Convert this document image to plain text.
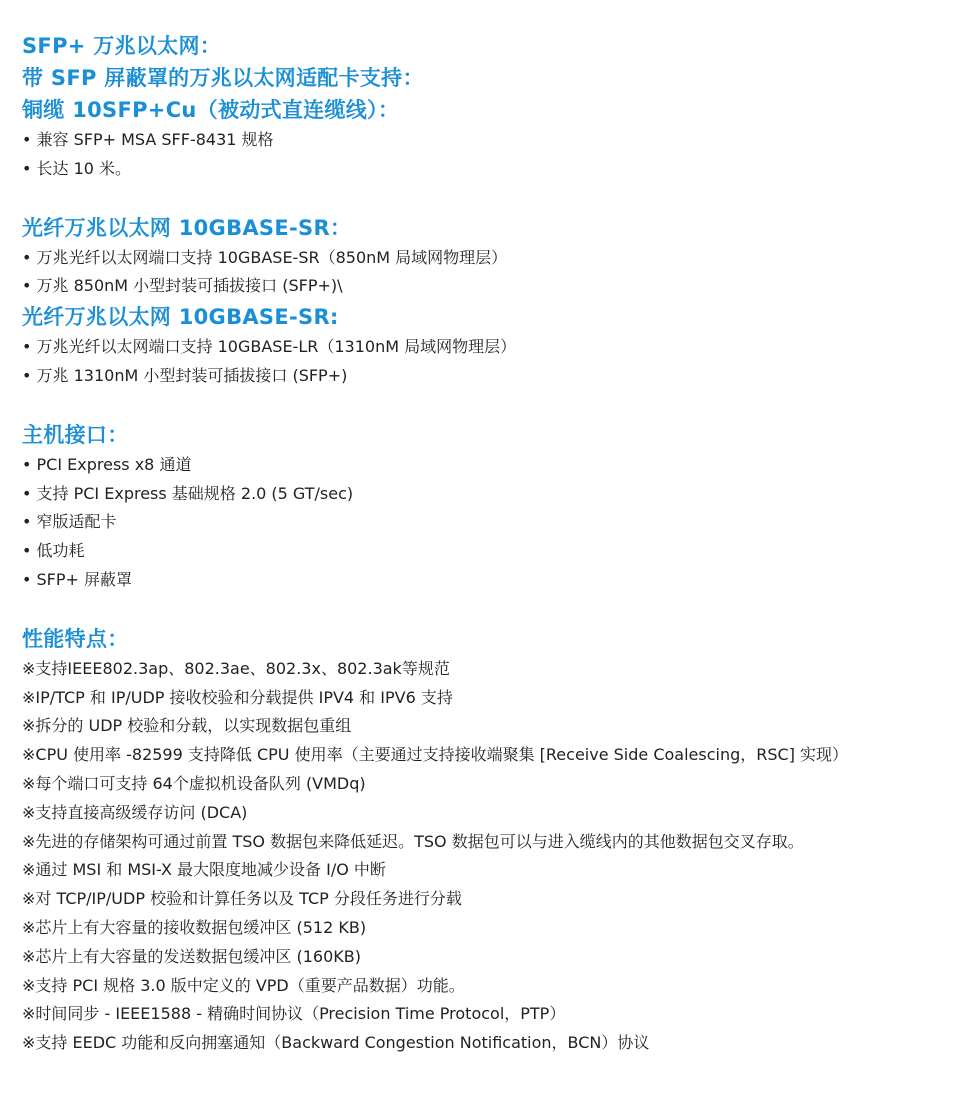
SFP+ 万兆以太网：
带 SFP 屏蔽罩的万兆以太网适配卡支持：
铜缆 10SFP+Cu（被动式直连缆线）：
• 兼容 SFP+ MSA SFF-8431 规格
• 长达 10 米。
光纤万兆以太网 10GBASE-SR：
• 万兆光纤以太网端口支持 10GBASE-SR（850nM 局域网物理层）
• 万兆 850nM 小型封装可插拔接口 (SFP+)\
光纤万兆以太网 10GBASE-SR:
• 万兆光纤以太网端口支持 10GBASE-LR（1310nM 局域网物理层）
• 万兆 1310nM 小型封装可插拔接口 (SFP+)
主机接口：
• PCI Express x8 通道
• 支持 PCI Express 基础规格 2.0 (5 GT/sec)
• 窄版适配卡
• 低功耗
• SFP+ 屏蔽罩
性能特点：
※支持IEEE802.3ap、802.3ae、802.3x、802.3ak等规范
※IP/TCP 和 IP/UDP 接收校验和分载提供 IPV4 和 IPV6 支持
※拆分的 UDP 校验和分载，以实现数据包重组
※CPU 使用率 -82599 支持降低 CPU 使用率（主要通过支持接收端聚集 [Receive Side Coalescing，RSC] 实现）
※每个端口可支持 64个虚拟机设备队列 (VMDq)
※支持直接高级缓存访问 (DCA)
※先进的存储架构可通过前置 TSO 数据包来降低延迟。TSO 数据包可以与进入缆线内的其他数据包交叉存取。
※通过 MSI 和 MSI-X 最大限度地减少设备 I/O 中断
※对 TCP/IP/UDP 校验和计算任务以及 TCP 分段任务进行分载
※芯片上有大容量的接收数据包缓冲区 (512 KB)
※芯片上有大容量的发送数据包缓冲区 (160KB)
※支持 PCI 规格 3.0 版中定义的 VPD（重要产品数据）功能。
※时间同步 - IEEE1588 - 精确时间协议（Precision Time Protocol，PTP）
※支持 EEDC 功能和反向拥塞通知（Backward Congestion Notification，BCN）协议
